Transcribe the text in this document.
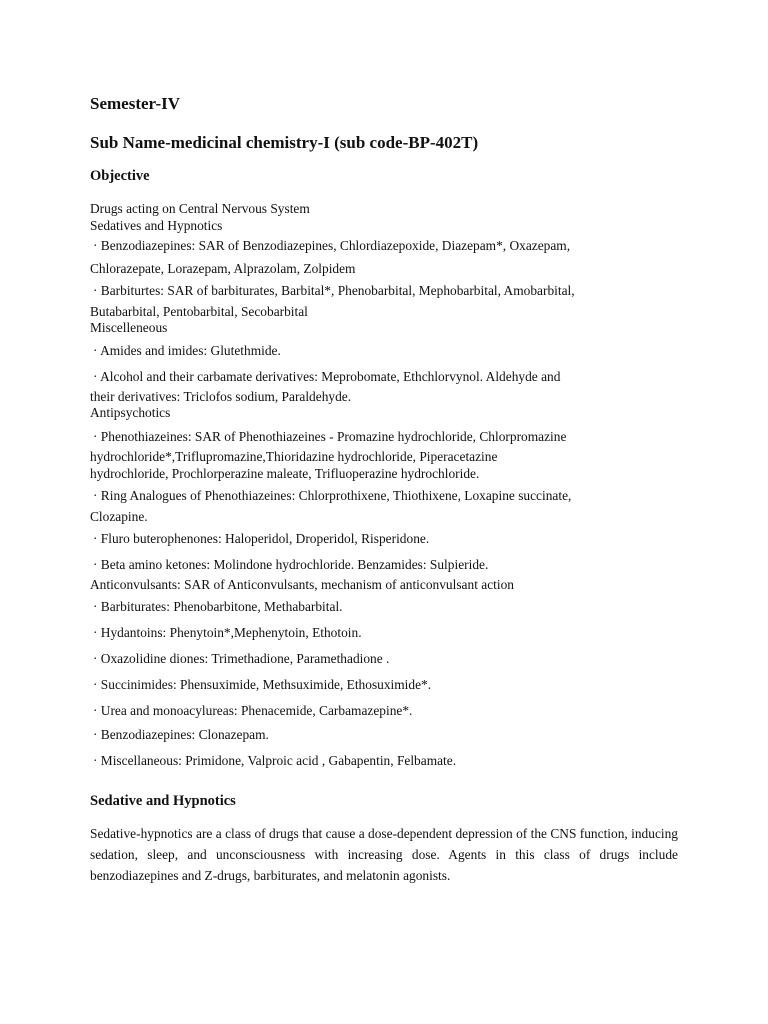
Semester-IV
Sub Name-medicinal chemistry-I (sub code-BP-402T)
Objective
Drugs acting on Central Nervous System
Sedatives and Hypnotics
· Benzodiazepines: SAR of Benzodiazepines, Chlordiazepoxide, Diazepam*, Oxazepam,
Chlorazepate, Lorazepam, Alprazolam, Zolpidem
· Barbiturtes: SAR of barbiturates, Barbital*, Phenobarbital, Mephobarbital, Amobarbital,
Butabarbital, Pentobarbital, Secobarbital
Miscelleneous
· Amides and imides: Glutethmide.
· Alcohol and their carbamate derivatives: Meprobomate, Ethchlorvynol. Aldehyde and
their derivatives: Triclofos sodium, Paraldehyde.
Antipsychotics
· Phenothiazeines: SAR of Phenothiazeines - Promazine hydrochloride, Chlorpromazine
hydrochloride*,Triflupromazine,Thioridazine hydrochloride, Piperacetazine
hydrochloride, Prochlorperazine maleate, Trifluoperazine hydrochloride.
· Ring Analogues of Phenothiazeines: Chlorprothixene, Thiothixene, Loxapine succinate,
Clozapine.
· Fluro buterophenones: Haloperidol, Droperidol, Risperidone.
· Beta amino ketones: Molindone hydrochloride. Benzamides: Sulpieride.
Anticonvulsants: SAR of Anticonvulsants, mechanism of anticonvulsant action
· Barbiturates: Phenobarbitone, Methabarbital.
· Hydantoins: Phenytoin*,Mephenytoin, Ethotoin.
· Oxazolidine diones: Trimethadione, Paramethadione .
· Succinimides: Phensuximide, Methsuximide, Ethosuximide*.
· Urea and monoacylureas: Phenacemide, Carbamazepine*.
· Benzodiazepines: Clonazepam.
· Miscellaneous: Primidone, Valproic acid , Gabapentin, Felbamate.
Sedative and Hypnotics
Sedative-hypnotics are a class of drugs that cause a dose-dependent depression of the CNS function, inducing sedation, sleep, and unconsciousness with increasing dose. Agents in this class of drugs include benzodiazepines and Z-drugs, barbiturates, and melatonin agonists.
